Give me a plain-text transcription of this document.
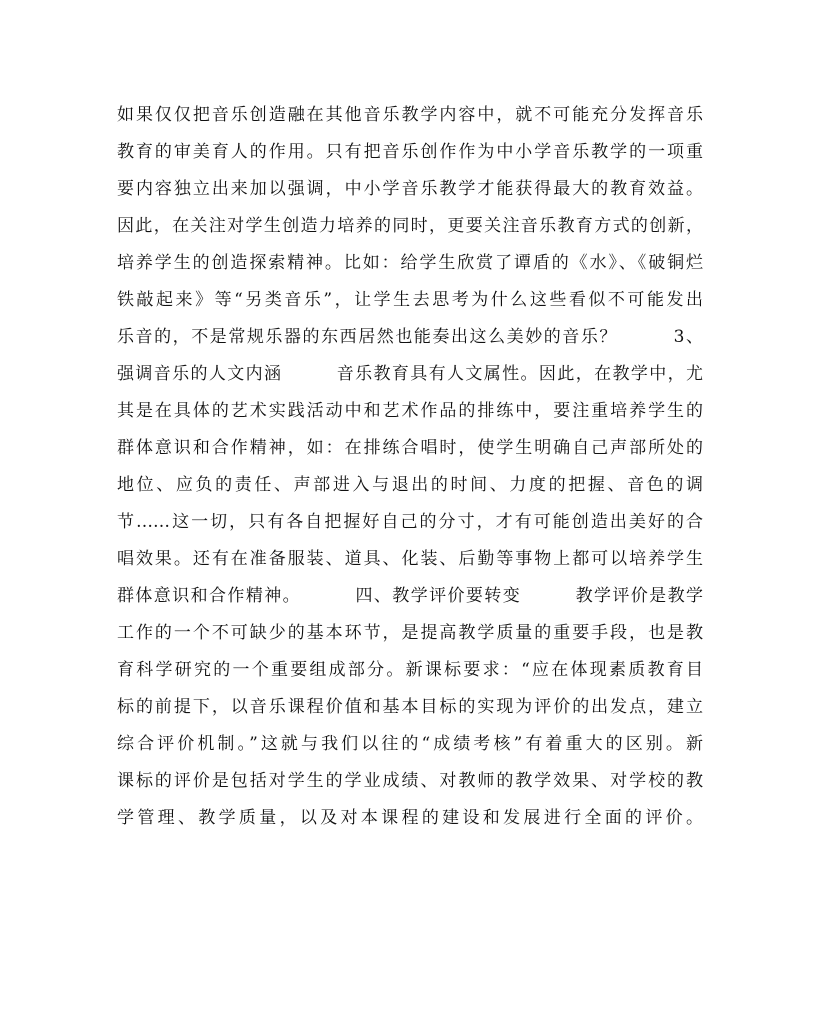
如果仅仅把音乐创造融在其他音乐教学内容中，就不可能充分发挥音乐
教育的审美育人的作用。只有把音乐创作作为中小学音乐教学的一项重
要内容独立出来加以强调，中小学音乐教学才能获得最大的教育效益。
因此，在关注对学生创造力培养的同时，更要关注音乐教育方式的创新，
培养学生的创造探索精神。比如：给学生欣赏了谭盾的《水》、《破铜烂
铁敲起来》等“另类音乐”，让学生去思考为什么这些看似不可能发出
乐音的，不是常规乐器的东西居然也能奏出这么美妙的音乐？        3、
强调音乐的人文内涵        音乐教育具有人文属性。因此，在教学中，尤
其是在具体的艺术实践活动中和艺术作品的排练中，要注重培养学生的
群体意识和合作精神，如：在排练合唱时，使学生明确自己声部所处的
地位、应负的责任、声部进入与退出的时间、力度的把握、音色的调
节……这一切，只有各自把握好自己的分寸，才有可能创造出美好的合
唱效果。还有在准备服装、道具、化装、后勤等事物上都可以培养学生
群体意识和合作精神。        四、教学评价要转变        教学评价是教学
工作的一个不可缺少的基本环节，是提高教学质量的重要手段，也是教
育科学研究的一个重要组成部分。新课标要求：“应在体现素质教育目
标的前提下，以音乐课程价值和基本目标的实现为评价的出发点，建立
综合评价机制。”这就与我们以往的“成绩考核”有着重大的区别。新
课标的评价是包括对学生的学业成绩、对教师的教学效果、对学校的教
学管理、教学质量，以及对本课程的建设和发展进行全面的评价。
